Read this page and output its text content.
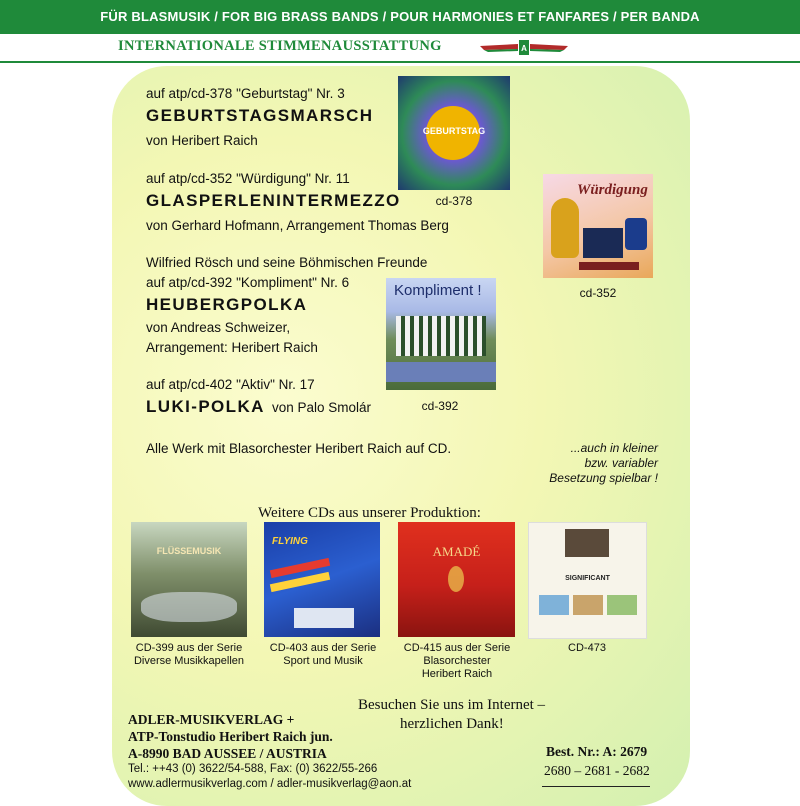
FÜR BLASMUSIK / FOR BIG BRASS BANDS / POUR HARMONIES ET FANFARES / PER BANDA
INTERNATIONALE STIMMENAUSSTATTUNG	A
auf atp/cd-378 "Geburtstag" Nr. 3
GEBURTSTAGSMARSCH
von Heribert Raich
auf atp/cd-352 "Würdigung" Nr. 11
GLASPERLENINTERMEZZO
von Gerhard Hofmann, Arrangement Thomas Berg
Wilfried Rösch und seine Böhmischen Freunde
auf atp/cd-392 "Kompliment" Nr. 6
HEUBERGPOLKA
von Andreas Schweizer,
Arrangement: Heribert Raich
auf atp/cd-402 "Aktiv" Nr. 17
LUKI-POLKA von Palo Smolár
GEBURTSTAG
cd-378
Würdigung
cd-352
Kompliment !
cd-392
Alle Werk mit Blasorchester Heribert Raich auf CD.	...auch in kleiner
bzw. variabler
Besetzung spielbar !
Weitere CDs aus unserer Produktion:
FLÜSSEMUSIK
CD-399 aus der Serie
Diverse Musikkapellen
FLYING
CD-403 aus der Serie
Sport und Musik
AMADÉ
CD-415 aus der Serie
Blasorchester
Heribert Raich
SIGNIFICANT
CD-473
Besuchen Sie uns im Internet –
herzlichen Dank!
ADLER-MUSIKVERLAG +
ATP-Tonstudio Heribert Raich jun.
A-8990 BAD AUSSEE / AUSTRIA
Tel.: ++43 (0) 3622/54-588, Fax: (0) 3622/55-266
www.adlermusikverlag.com / adler-musikverlag@aon.at
Best. Nr.: A: 2679
2680 – 2681 - 2682
